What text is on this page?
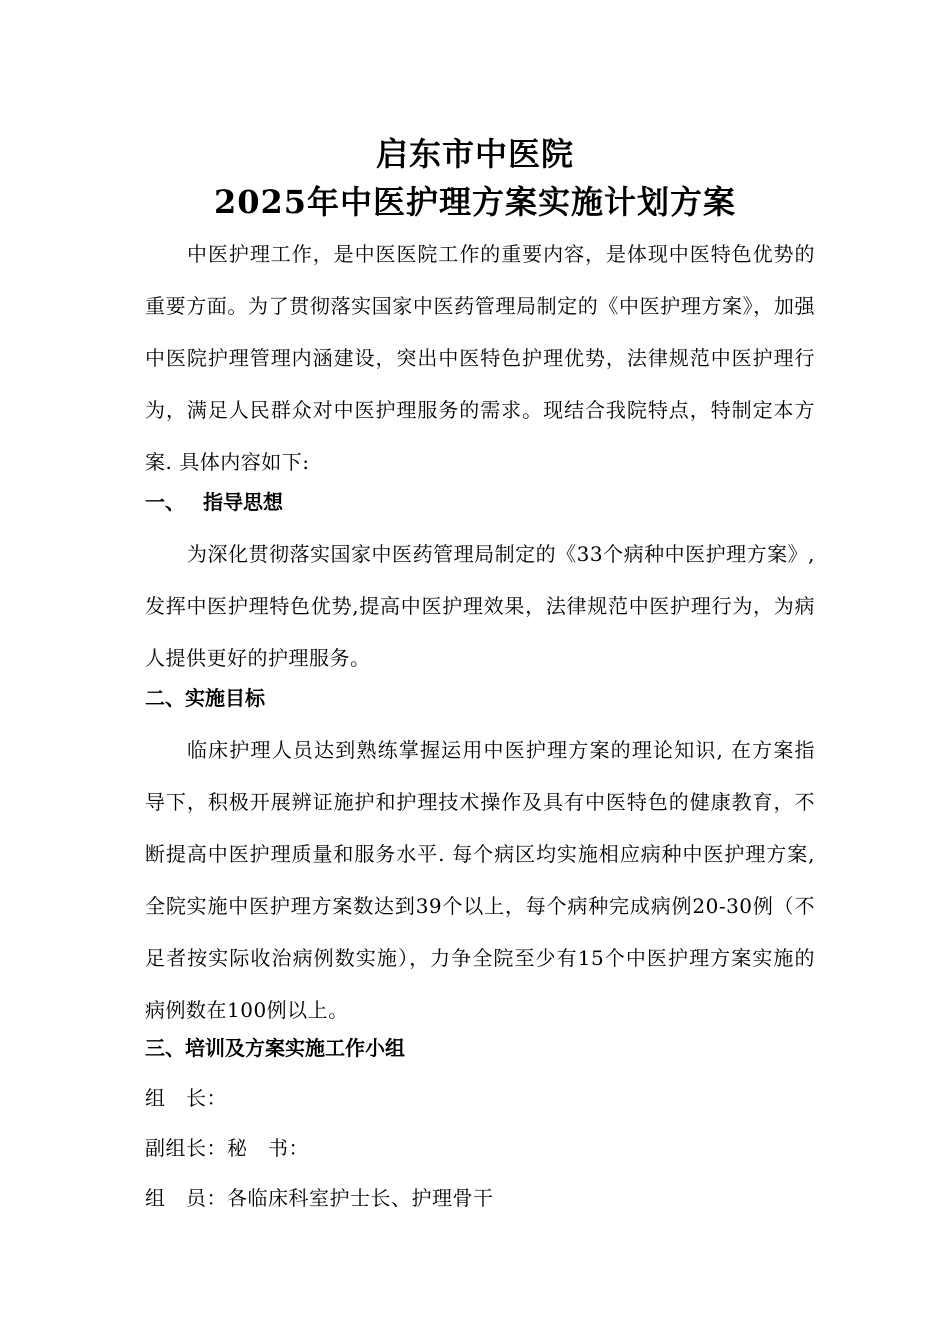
启东市中医院
2025年中医护理方案实施计划方案
中医护理工作，是中医医院工作的重要内容，是体现中医特色优势的重要方面。为了贯彻落实国家中医药管理局制定的《中医护理方案》，加强中医院护理管理内涵建设，突出中医特色护理优势，法律规范中医护理行为，满足人民群众对中医护理服务的需求。现结合我院特点，特制定本方案. 具体内容如下:
一、 指导思想
为深化贯彻落实国家中医药管理局制定的《33个病种中医护理方案》, 发挥中医护理特色优势,提高中医护理效果，法律规范中医护理行为，为病人提供更好的护理服务。
二、实施目标
临床护理人员达到熟练掌握运用中医护理方案的理论知识, 在方案指导下，积极开展辨证施护和护理技术操作及具有中医特色的健康教育，不断提高中医护理质量和服务水平. 每个病区均实施相应病种中医护理方案,全院实施中医护理方案数达到39个以上，每个病种完成病例20-30例（不足者按实际收治病例数实施），力争全院至少有15个中医护理方案实施的病例数在100例以上。
三、培训及方案实施工作小组
组　长：
副组长：秘　书：
组　员：各临床科室护士长、护理骨干
